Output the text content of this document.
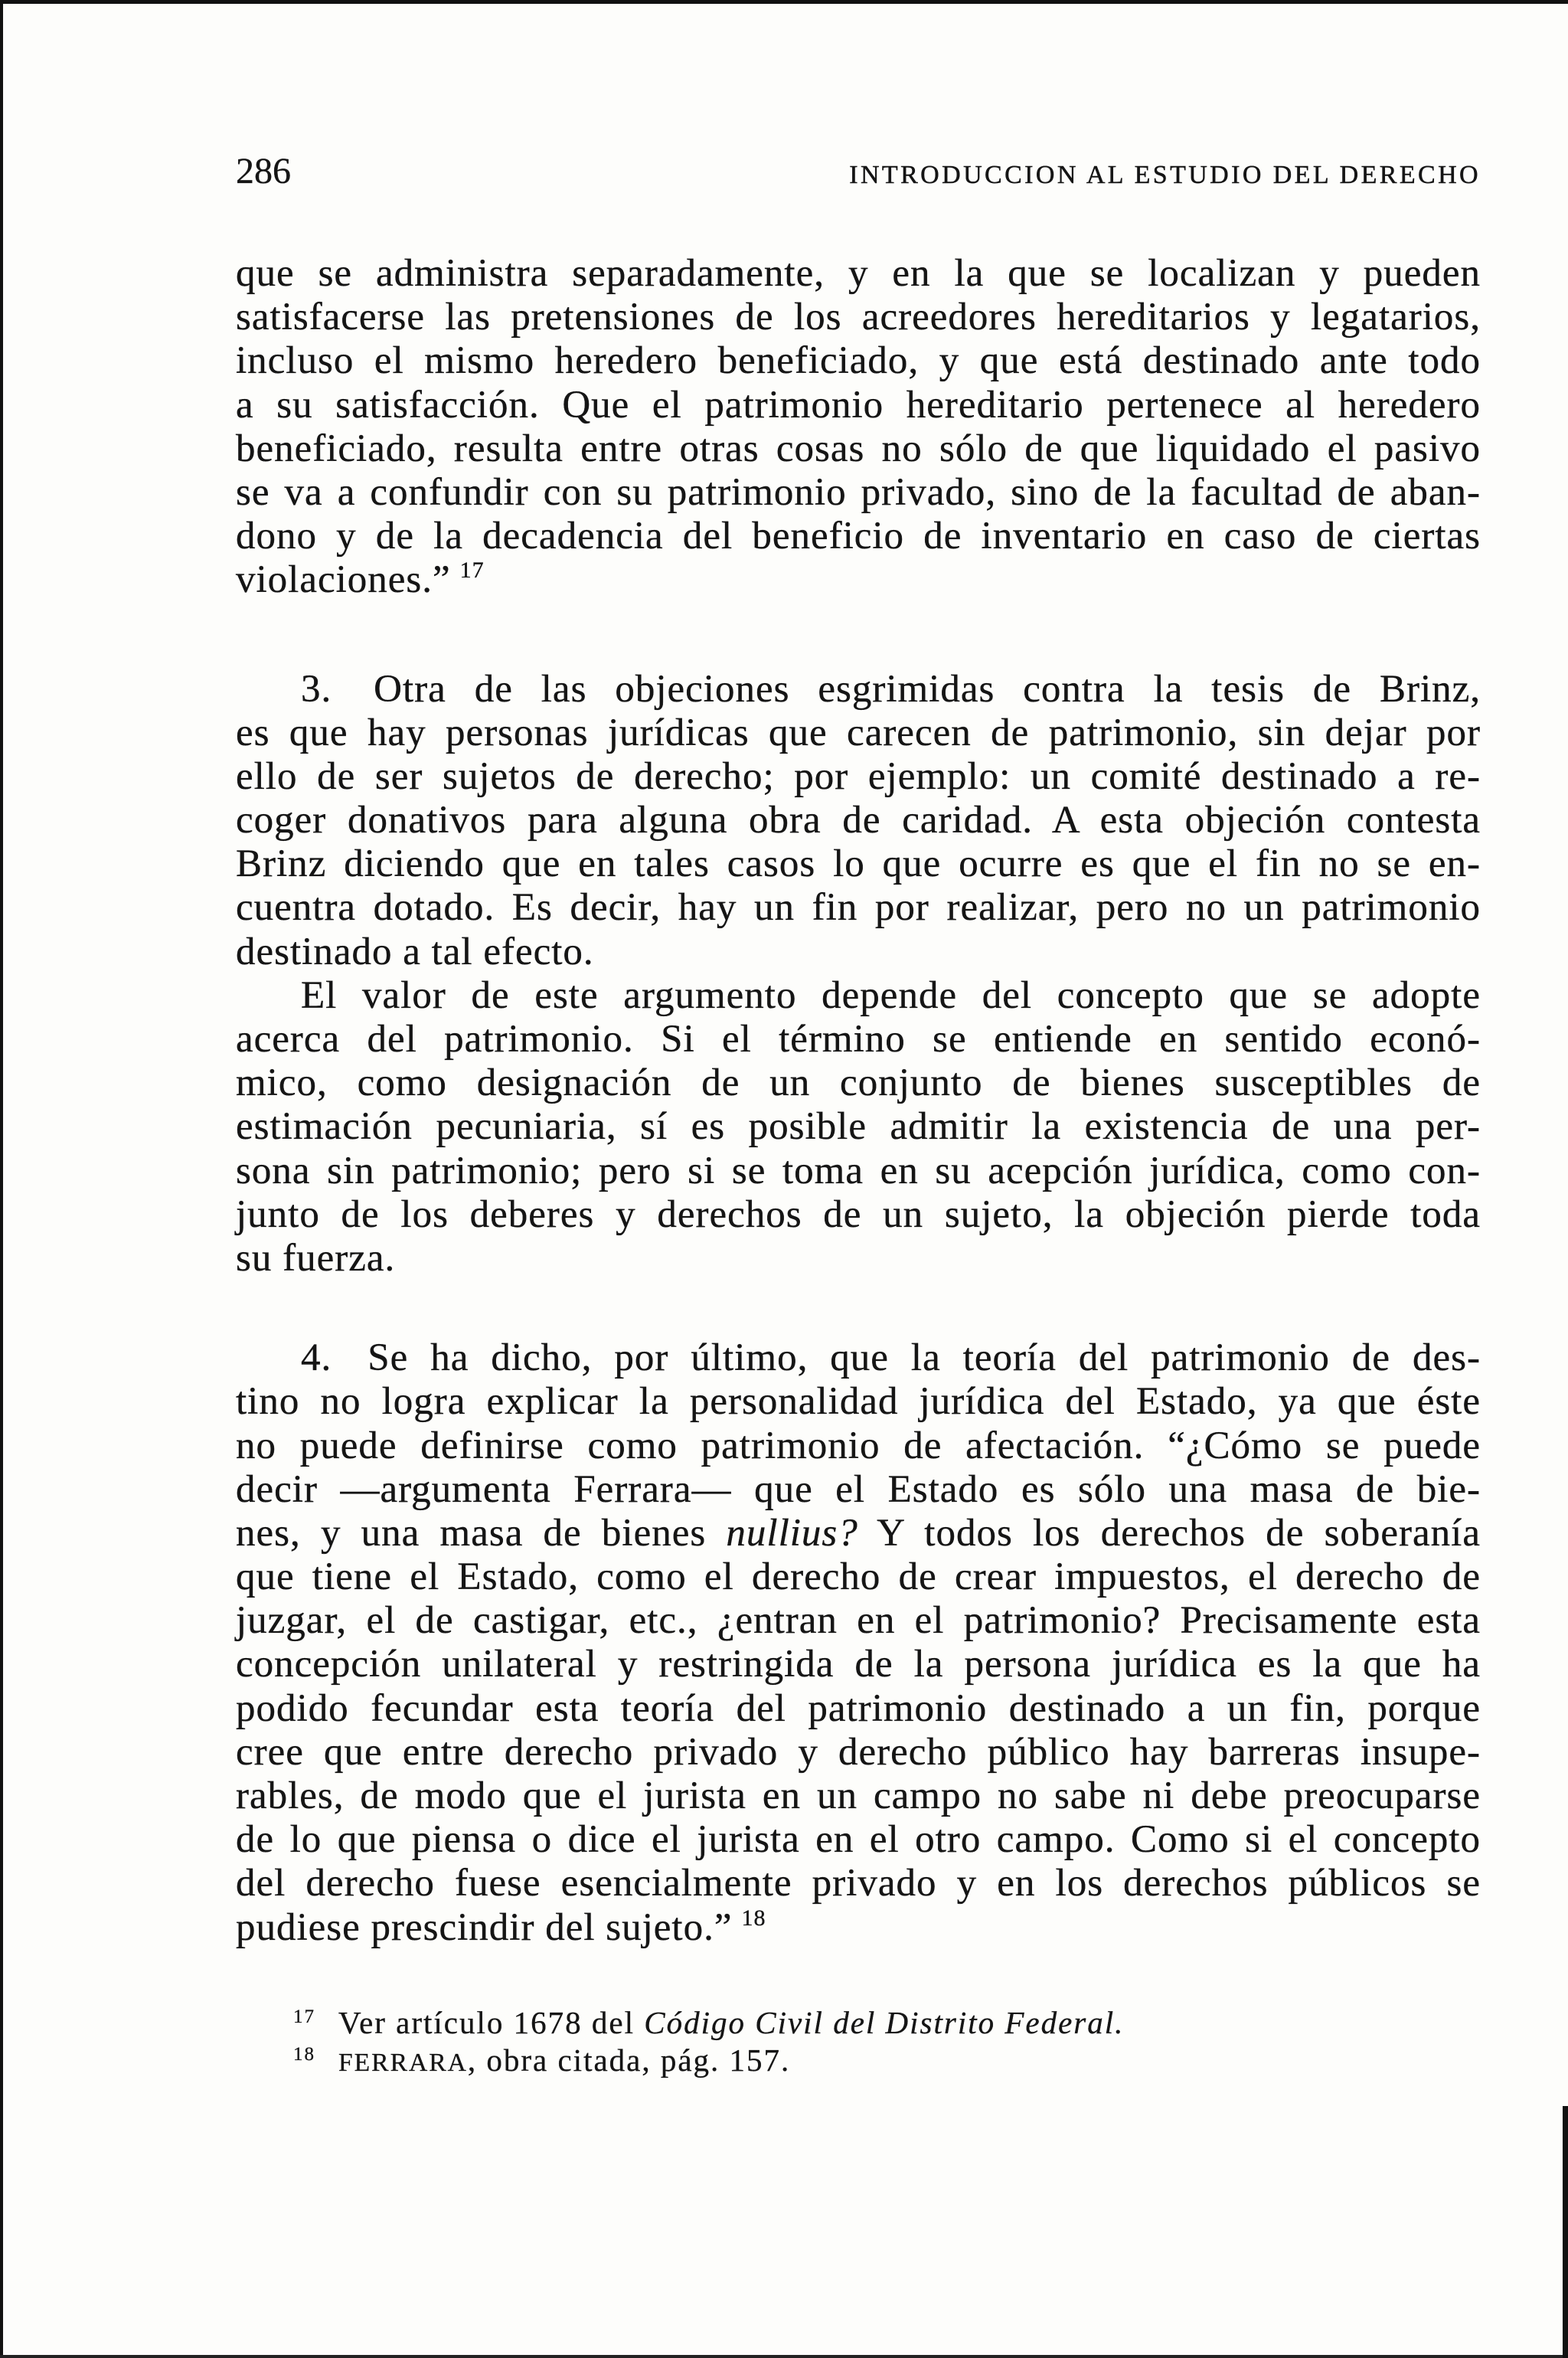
286	INTRODUCCION AL ESTUDIO DEL DERECHO
que se administra separadamente, y en la que se localizan y pueden
satisfacerse las pretensiones de los acreedores hereditarios y legatarios,
incluso el mismo heredero beneficiado, y que está destinado ante todo
a su satisfacción. Que el patrimonio hereditario pertenece al heredero
beneficiado, resulta entre otras cosas no sólo de que liquidado el pasivo
se va a confundir con su patrimonio privado, sino de la facultad de aban-
dono y de la decadencia del beneficio de inventario en caso de ciertas
violaciones.” $^{17}$
3. Otra de las objeciones esgrimidas contra la tesis de Brinz,
es que hay personas jurídicas que carecen de patrimonio, sin dejar por
ello de ser sujetos de derecho; por ejemplo: un comité destinado a re-
coger donativos para alguna obra de caridad. A esta objeción contesta
Brinz diciendo que en tales casos lo que ocurre es que el fin no se en-
cuentra dotado. Es decir, hay un fin por realizar, pero no un patrimonio
destinado a tal efecto.
El valor de este argumento depende del concepto que se adopte
acerca del patrimonio. Si el término se entiende en sentido econó-
mico, como designación de un conjunto de bienes susceptibles de
estimación pecuniaria, sí es posible admitir la existencia de una per-
sona sin patrimonio; pero si se toma en su acepción jurídica, como con-
junto de los deberes y derechos de un sujeto, la objeción pierde toda
su fuerza.
4. Se ha dicho, por último, que la teoría del patrimonio de des-
tino no logra explicar la personalidad jurídica del Estado, ya que éste
no puede definirse como patrimonio de afectación. “¿Cómo se puede
decir —argumenta Ferrara— que el Estado es sólo una masa de bie-
nes, y una masa de bienes nullius? Y todos los derechos de soberanía
que tiene el Estado, como el derecho de crear impuestos, el derecho de
juzgar, el de castigar, etc., ¿entran en el patrimonio? Precisamente esta
concepción unilateral y restringida de la persona jurídica es la que ha
podido fecundar esta teoría del patrimonio destinado a un fin, porque
cree que entre derecho privado y derecho público hay barreras insupe-
rables, de modo que el jurista en un campo no sabe ni debe preocuparse
de lo que piensa o dice el jurista en el otro campo. Como si el concepto
del derecho fuese esencialmente privado y en los derechos públicos se
pudiese prescindir del sujeto.” $^{18}$
$^{17}$ Ver artículo 1678 del Código Civil del Distrito Federal.
$^{18}$ FERRARA, obra citada, pág. 157.
